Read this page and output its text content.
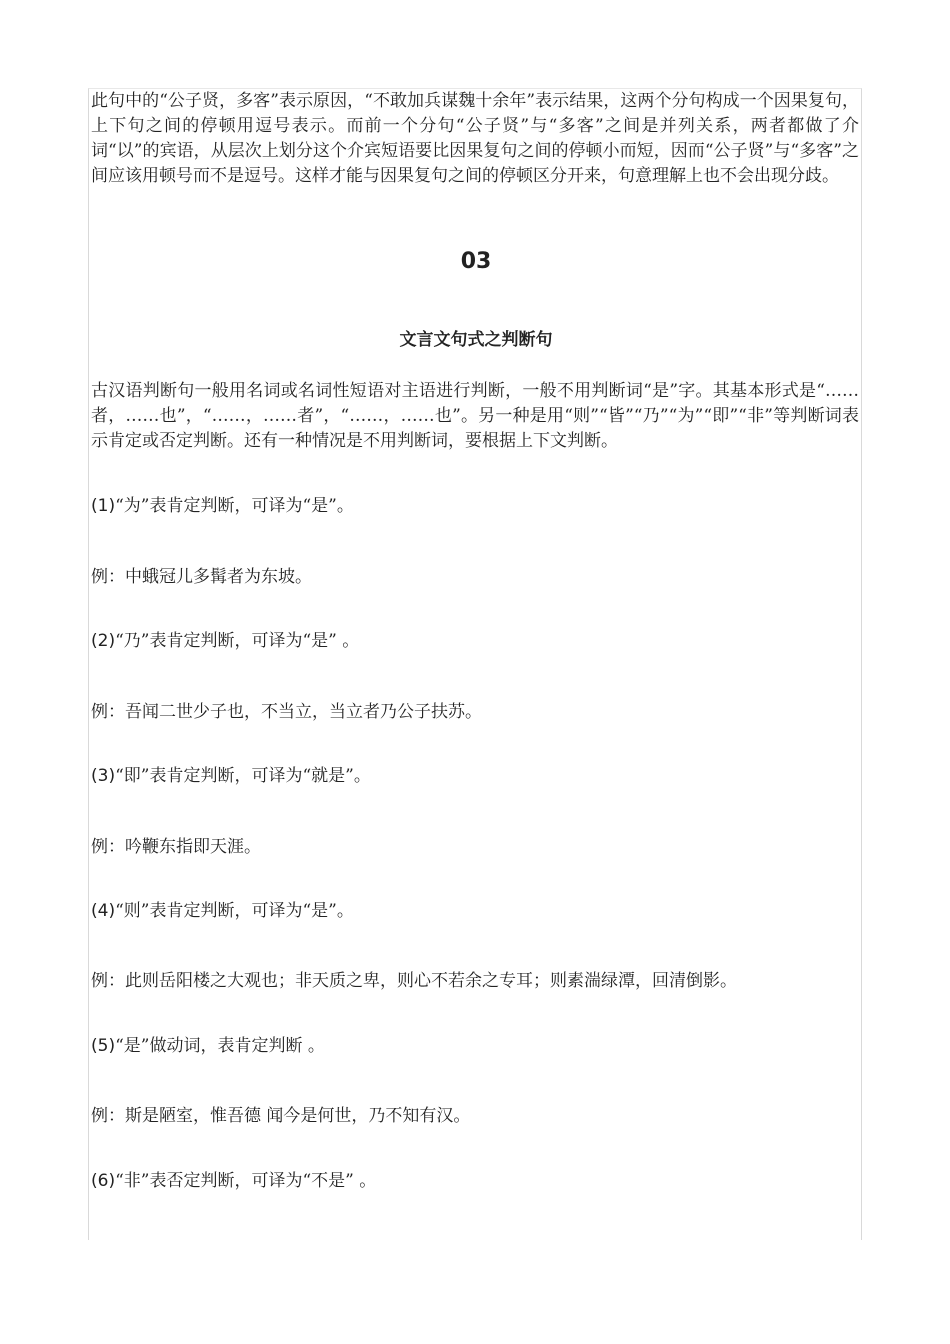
此句中的“公子贤，多客”表示原因，“不敢加兵谋魏十余年”表示结果，这两个分句构成一个因果复句，上下句之间的停顿用逗号表示。而前一个分句“公子贤”与“多客”之间是并列关系，两者都做了介词“以”的宾语，从层次上划分这个介宾短语要比因果复句之间的停顿小而短，因而“公子贤”与“多客”之间应该用顿号而不是逗号。这样才能与因果复句之间的停顿区分开来，句意理解上也不会出现分歧。

03
文言文句式之判断句

古汉语判断句一般用名词或名词性短语对主语进行判断，一般不用判断词“是”字。其基本形式是“……者，……也”，“……，……者”，“……，……也”。另一种是用“则”“皆”“乃”“为”“即”“非”等判断词表示肯定或否定判断。还有一种情况是不用判断词，要根据上下文判断。

(1)“为”表肯定判断，可译为“是”。

例：中蛾冠儿多髯者为东坡。

(2)“乃”表肯定判断，可译为“是” 。

例：吾闻二世少子也，不当立，当立者乃公子扶苏。

(3)“即”表肯定判断，可译为“就是”。

例：吟鞭东指即天涯。

(4)“则”表肯定判断，可译为“是”。

例：此则岳阳楼之大观也；非天质之卑，则心不若余之专耳；则素湍绿潭，回清倒影。

(5)“是”做动词，表肯定判断 。

例：斯是陋室，惟吾德 闻今是何世，乃不知有汉。

(6)“非”表否定判断，可译为“不是” 。
